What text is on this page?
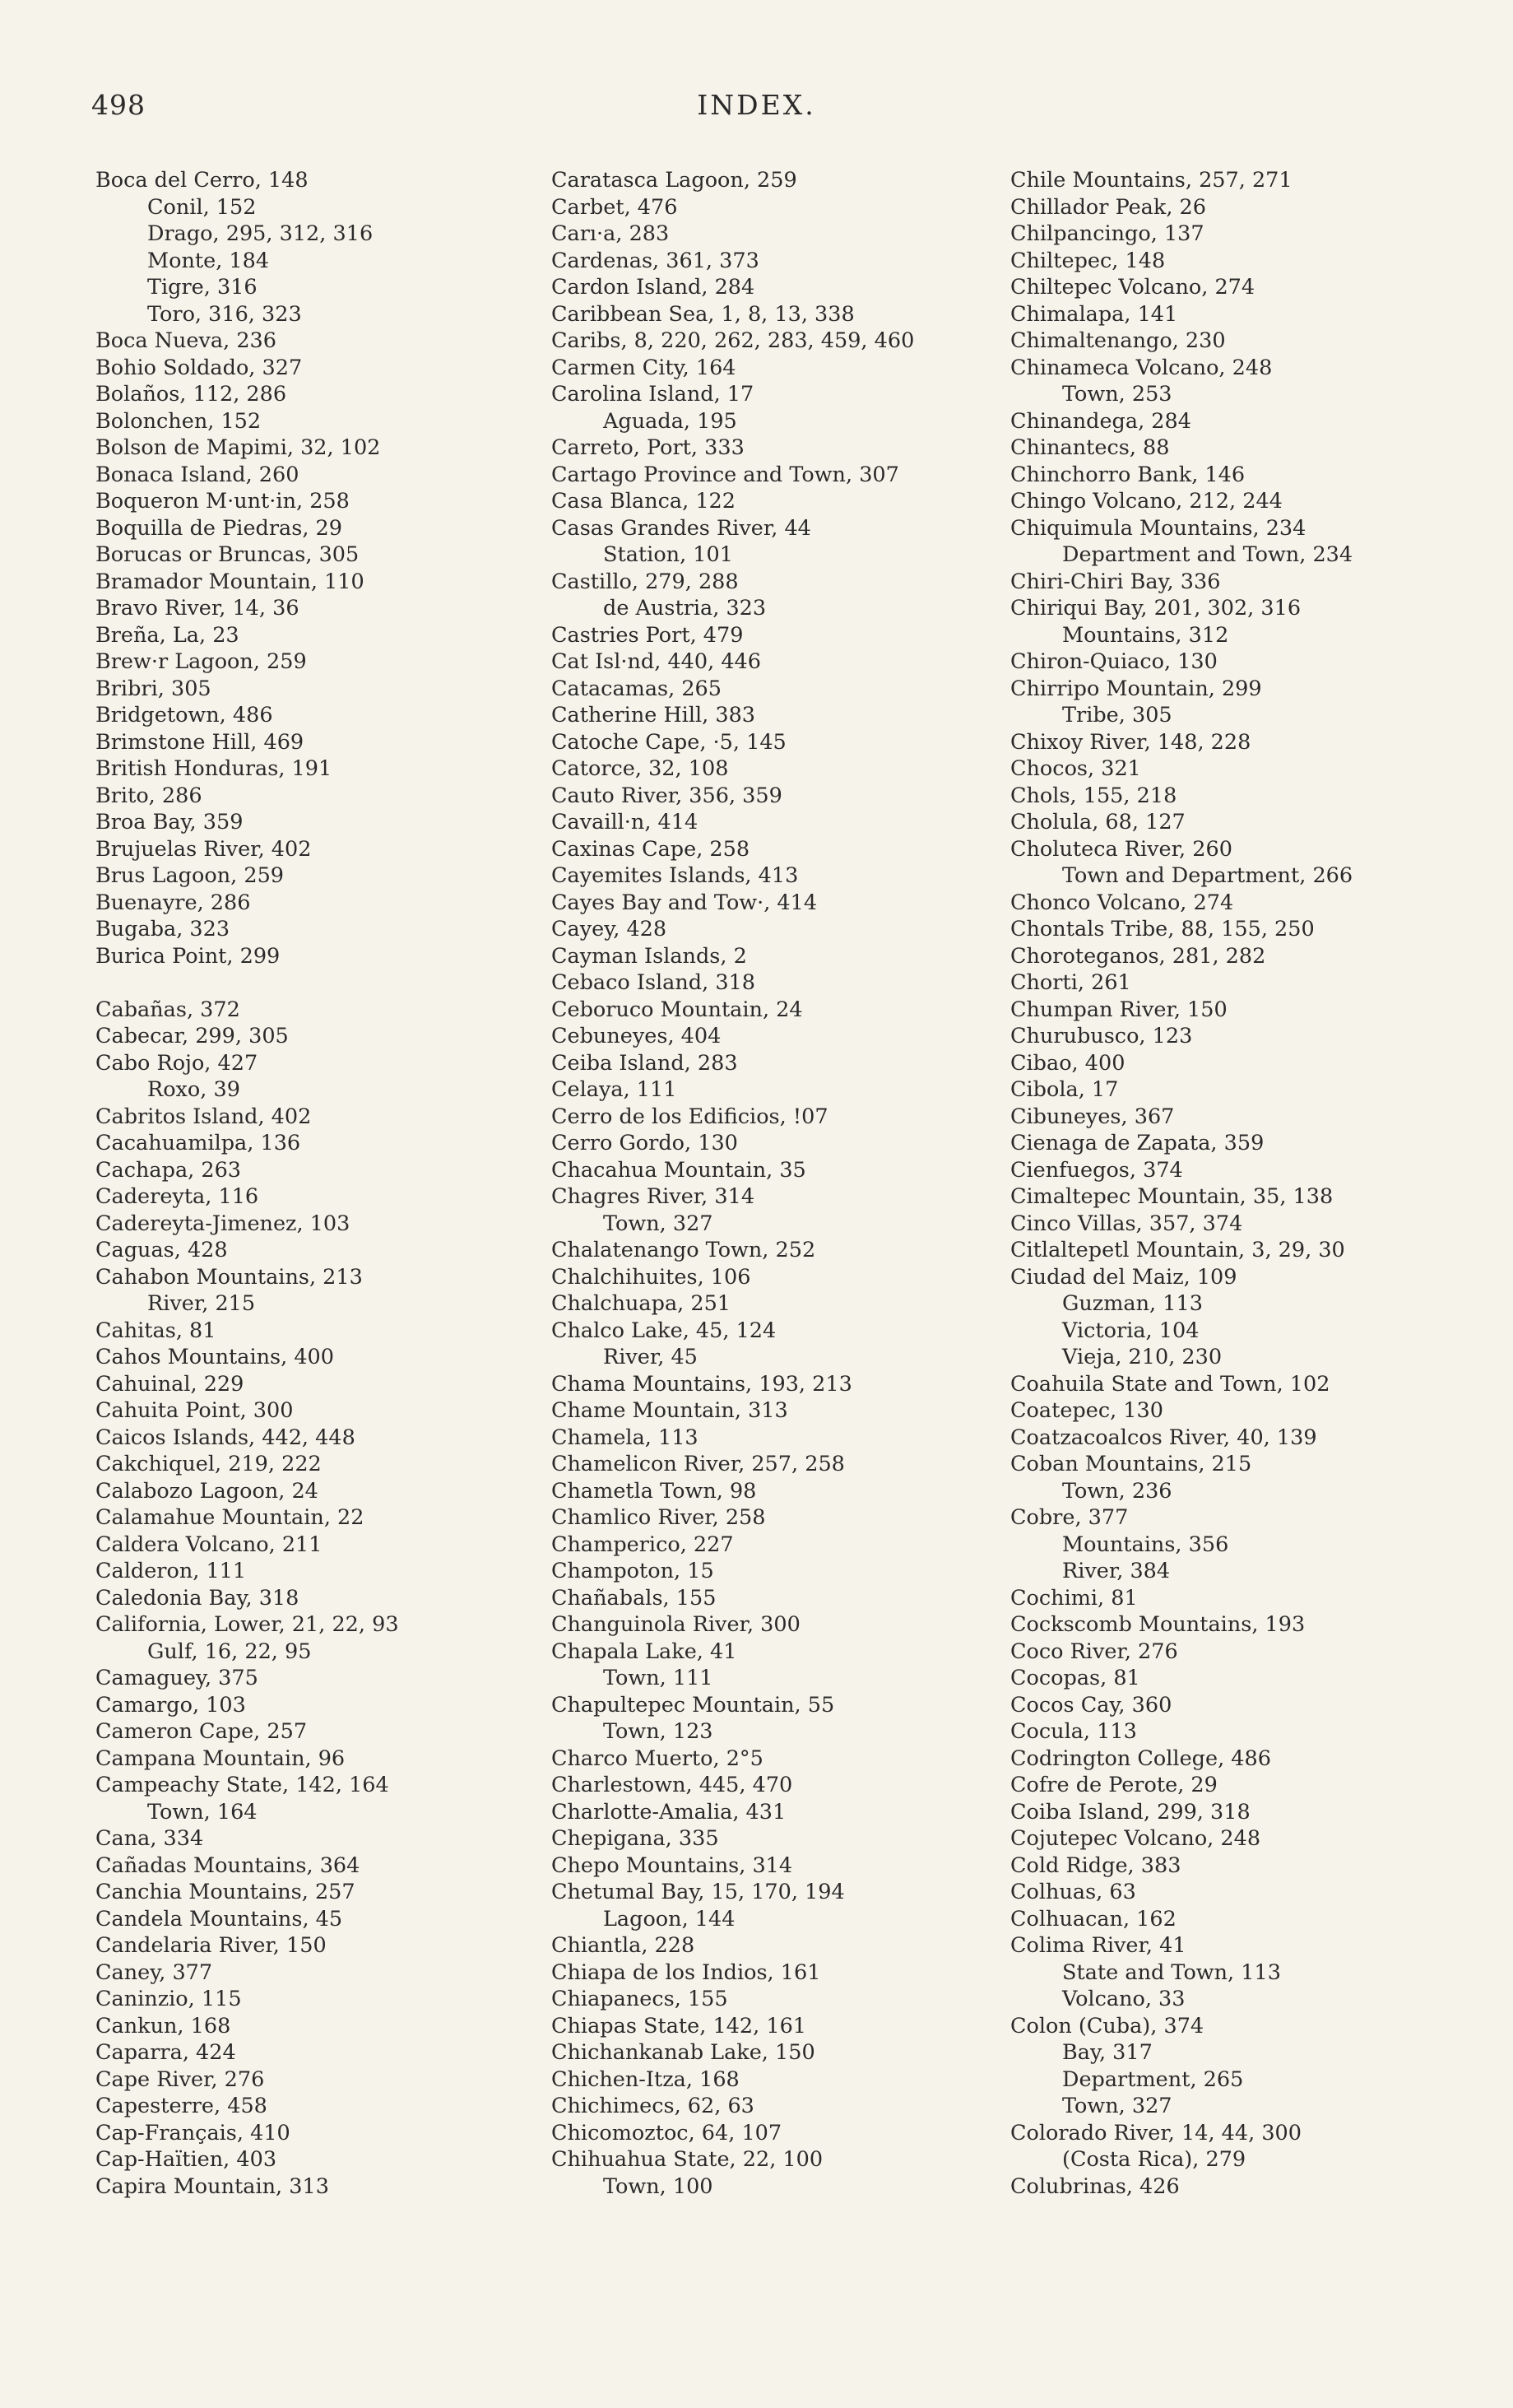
498	INDEX.
Boca del Cerro, 148
Conil, 152
Drago, 295, 312, 316
Monte, 184
Tigre, 316
Toro, 316, 323
Boca Nueva, 236
Bohio Soldado, 327
Bolaños, 112, 286
Bolonchen, 152
Bolson de Mapimi, 32, 102
Bonaca Island, 260
Boqueron M·unt·in, 258
Boquilla de Piedras, 29
Borucas or Bruncas, 305
Bramador Mountain, 110
Bravo River, 14, 36
Breña, La, 23
Brew·r Lagoon, 259
Bribri, 305
Bridgetown, 486
Brimstone Hill, 469
British Honduras, 191
Brito, 286
Broa Bay, 359
Brujuelas River, 402
Brus Lagoon, 259
Buenayre, 286
Bugaba, 323
Burica Point, 299
Cabañas, 372
Cabecar, 299, 305
Cabo Rojo, 427
Roxo, 39
Cabritos Island, 402
Cacahuamilpa, 136
Cachapa, 263
Cadereyta, 116
Cadereyta-Jimenez, 103
Caguas, 428
Cahabon Mountains, 213
River, 215
Cahitas, 81
Cahos Mountains, 400
Cahuinal, 229
Cahuita Point, 300
Caicos Islands, 442, 448
Cakchiquel, 219, 222
Calabozo Lagoon, 24
Calamahue Mountain, 22
Caldera Volcano, 211
Calderon, 111
Caledonia Bay, 318
California, Lower, 21, 22, 93
Gulf, 16, 22, 95
Camaguey, 375
Camargo, 103
Cameron Cape, 257
Campana Mountain, 96
Campeachy State, 142, 164
Town, 164
Cana, 334
Cañadas Mountains, 364
Canchia Mountains, 257
Candela Mountains, 45
Candelaria River, 150
Caney, 377
Caninzio, 115
Cankun, 168
Caparra, 424
Cape River, 276
Capesterre, 458
Cap-Français, 410
Cap-Haïtien, 403
Capira Mountain, 313
Caratasca Lagoon, 259
Carbet, 476
Carı·a, 283
Cardenas, 361, 373
Cardon Island, 284
Caribbean Sea, 1, 8, 13, 338
Caribs, 8, 220, 262, 283, 459, 460
Carmen City, 164
Carolina Island, 17
Aguada, 195
Carreto, Port, 333
Cartago Province and Town, 307
Casa Blanca, 122
Casas Grandes River, 44
Station, 101
Castillo, 279, 288
de Austria, 323
Castries Port, 479
Cat Isl·nd, 440, 446
Catacamas, 265
Catherine Hill, 383
Catoche Cape, ·5, 145
Catorce, 32, 108
Cauto River, 356, 359
Cavaill·n, 414
Caxinas Cape, 258
Cayemites Islands, 413
Cayes Bay and Tow·, 414
Cayey, 428
Cayman Islands, 2
Cebaco Island, 318
Ceboruco Mountain, 24
Cebuneyes, 404
Ceiba Island, 283
Celaya, 111
Cerro de los Edificios, !07
Cerro Gordo, 130
Chacahua Mountain, 35
Chagres River, 314
Town, 327
Chalatenango Town, 252
Chalchihuites, 106
Chalchuapa, 251
Chalco Lake, 45, 124
River, 45
Chama Mountains, 193, 213
Chame Mountain, 313
Chamela, 113
Chamelicon River, 257, 258
Chametla Town, 98
Chamlico River, 258
Champerico, 227
Champoton, 15
Chañabals, 155
Changuinola River, 300
Chapala Lake, 41
Town, 111
Chapultepec Mountain, 55
Town, 123
Charco Muerto, 2°5
Charlestown, 445, 470
Charlotte-Amalia, 431
Chepigana, 335
Chepo Mountains, 314
Chetumal Bay, 15, 170, 194
Lagoon, 144
Chiantla, 228
Chiapa de los Indios, 161
Chiapanecs, 155
Chiapas State, 142, 161
Chichankanab Lake, 150
Chichen-Itza, 168
Chichimecs, 62, 63
Chicomoztoc, 64, 107
Chihuahua State, 22, 100
Town, 100
Chile Mountains, 257, 271
Chillador Peak, 26
Chilpancingo, 137
Chiltepec, 148
Chiltepec Volcano, 274
Chimalapa, 141
Chimaltenango, 230
Chinameca Volcano, 248
Town, 253
Chinandega, 284
Chinantecs, 88
Chinchorro Bank, 146
Chingo Volcano, 212, 244
Chiquimula Mountains, 234
Department and Town, 234
Chiri-Chiri Bay, 336
Chiriqui Bay, 201, 302, 316
Mountains, 312
Chiron-Quiaco, 130
Chirripo Mountain, 299
Tribe, 305
Chixoy River, 148, 228
Chocos, 321
Chols, 155, 218
Cholula, 68, 127
Choluteca River, 260
Town and Department, 266
Chonco Volcano, 274
Chontals Tribe, 88, 155, 250
Choroteganos, 281, 282
Chorti, 261
Chumpan River, 150
Churubusco, 123
Cibao, 400
Cibola, 17
Cibuneyes, 367
Cienaga de Zapata, 359
Cienfuegos, 374
Cimaltepec Mountain, 35, 138
Cinco Villas, 357, 374
Citlaltepetl Mountain, 3, 29, 30
Ciudad del Maiz, 109
Guzman, 113
Victoria, 104
Vieja, 210, 230
Coahuila State and Town, 102
Coatepec, 130
Coatzacoalcos River, 40, 139
Coban Mountains, 215
Town, 236
Cobre, 377
Mountains, 356
River, 384
Cochimi, 81
Cockscomb Mountains, 193
Coco River, 276
Cocopas, 81
Cocos Cay, 360
Cocula, 113
Codrington College, 486
Cofre de Perote, 29
Coiba Island, 299, 318
Cojutepec Volcano, 248
Cold Ridge, 383
Colhuas, 63
Colhuacan, 162
Colima River, 41
State and Town, 113
Volcano, 33
Colon (Cuba), 374
Bay, 317
Department, 265
Town, 327
Colorado River, 14, 44, 300
(Costa Rica), 279
Colubrinas, 426
